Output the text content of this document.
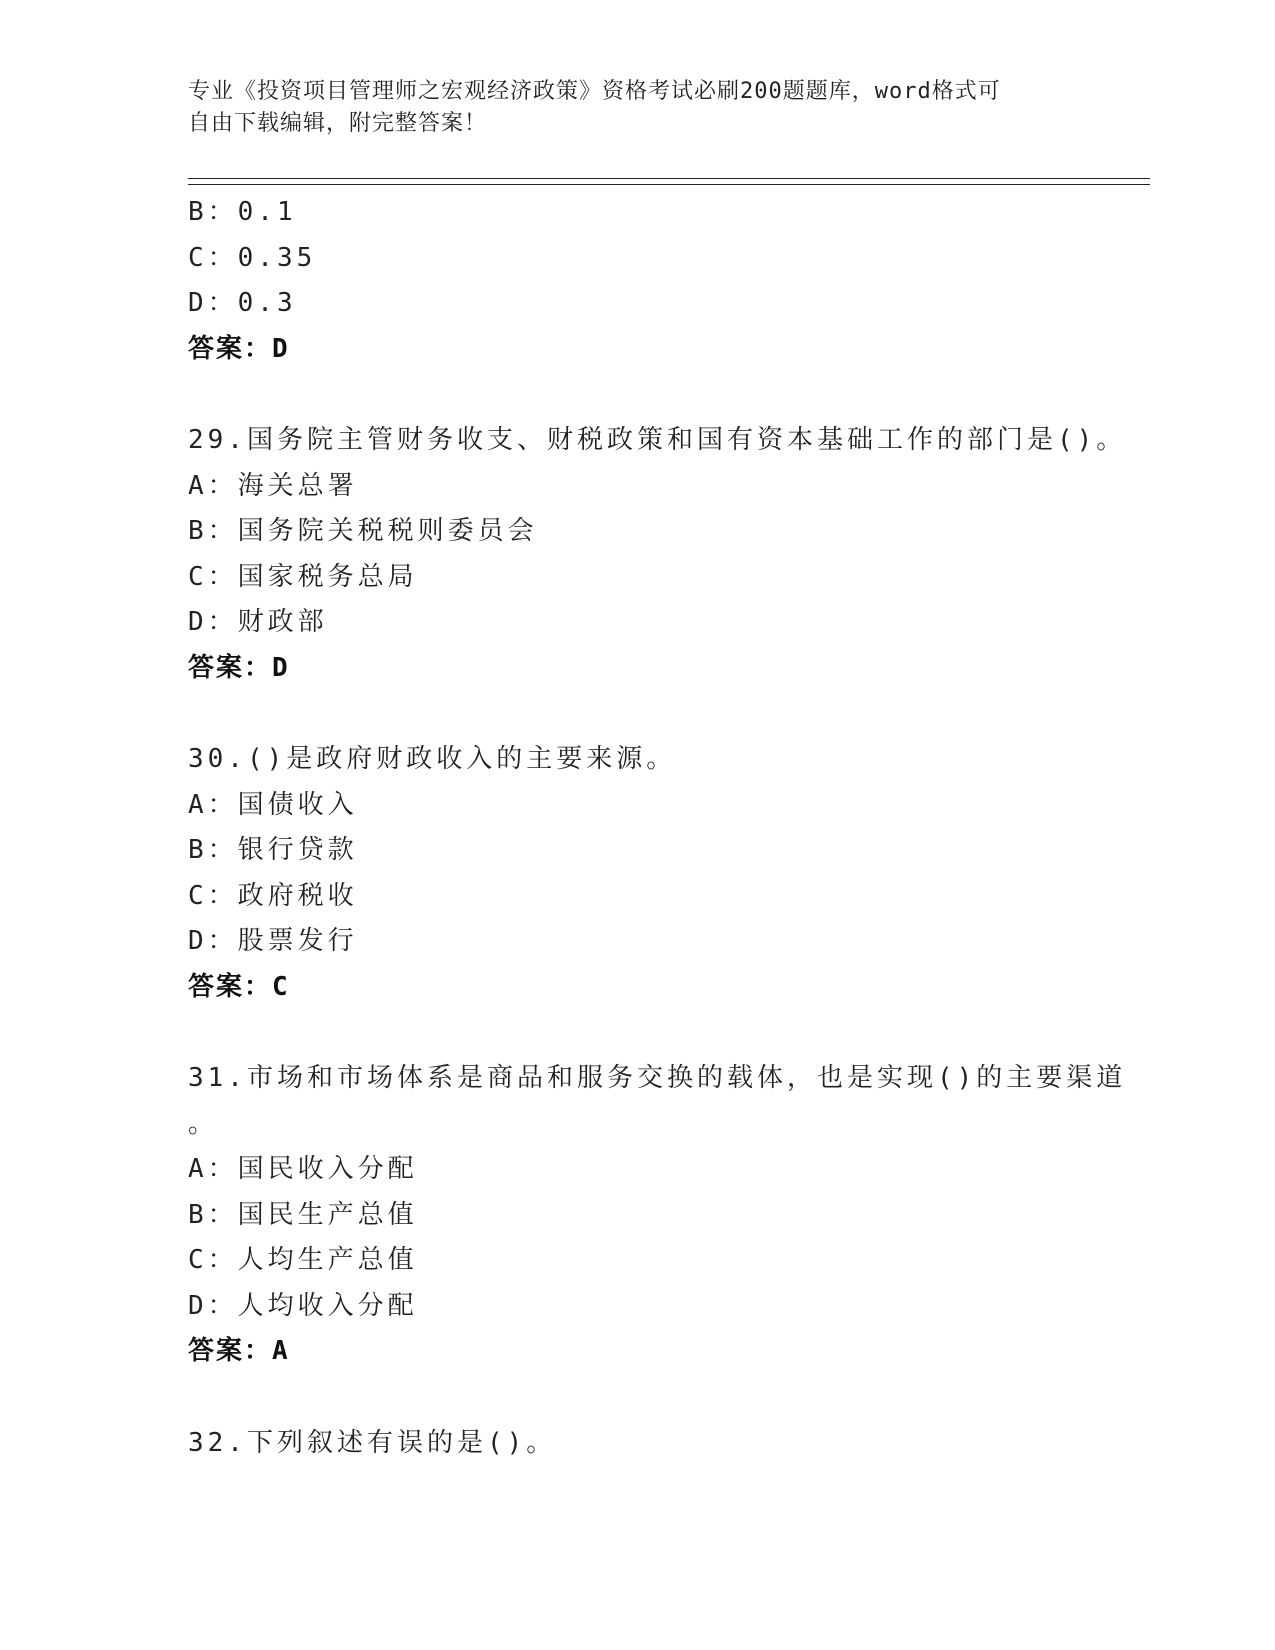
专业《投资项目管理师之宏观经济政策》资格考试必刷200题题库，word格式可
自由下载编辑，附完整答案！
B：0.1
C：0.35
D：0.3
答案：D
29.国务院主管财务收支、财税政策和国有资本基础工作的部门是()。
A：海关总署
B：国务院关税税则委员会
C：国家税务总局
D：财政部
答案：D
30.()是政府财政收入的主要来源。
A：国债收入
B：银行贷款
C：政府税收
D：股票发行
答案：C
31.市场和市场体系是商品和服务交换的载体，也是实现()的主要渠道
。
A：国民收入分配
B：国民生产总值
C：人均生产总值
D：人均收入分配
答案：A
32.下列叙述有误的是()。
